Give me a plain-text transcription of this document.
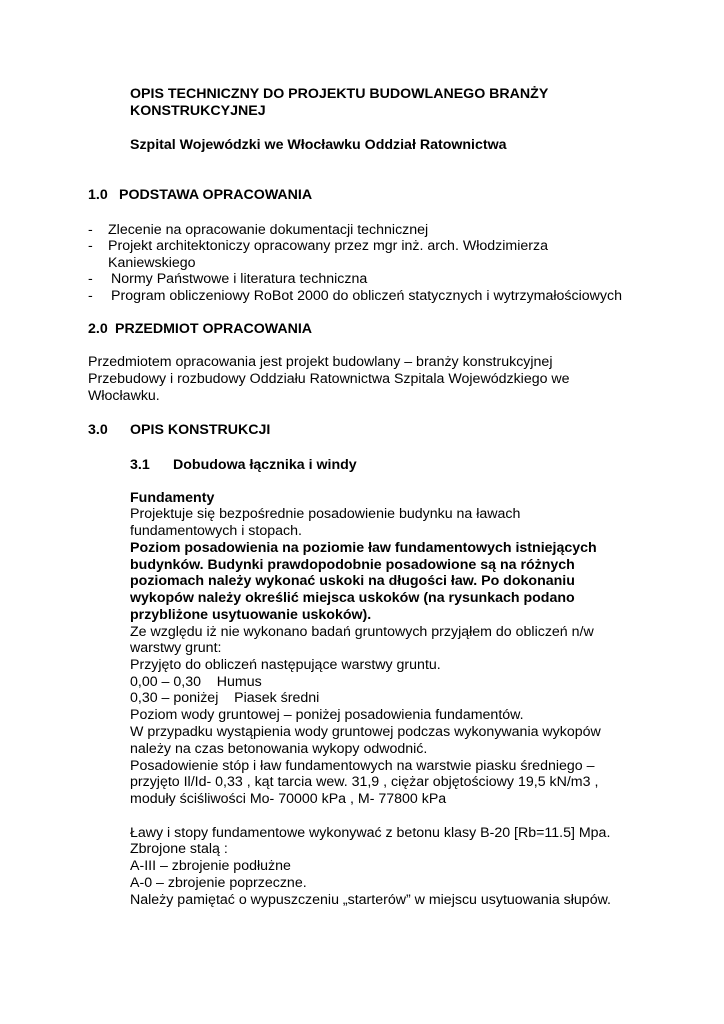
OPIS TECHNICZNY DO PROJEKTU BUDOWLANEGO BRANŻY
KONSTRUKCYJNEJ
Szpital Wojewódzki we Włocławku Oddział Ratownictwa
1.0 PODSTAWA OPRACOWANIA
- Zlecenie na opracowanie dokumentacji technicznej
- Projekt architektoniczy opracowany przez mgr inż. arch. Włodzimierza
Kaniewskiego
- Normy Państwowe i literatura techniczna
- Program obliczeniowy RoBot 2000 do obliczeń statycznych i wytrzymałościowych
2.0 PRZEDMIOT OPRACOWANIA
Przedmiotem opracowania jest projekt budowlany – branży konstrukcyjnej
Przebudowy i rozbudowy Oddziału Ratownictwa Szpitala Wojewódzkiego we
Włocławku.
3.0 OPIS KONSTRUKCJI
3.1 Dobudowa łącznika i windy
Fundamenty
Projektuje się bezpośrednie posadowienie budynku na ławach
fundamentowych i stopach.
Poziom posadowienia na poziomie ław fundamentowych istniejących
budynków. Budynki prawdopodobnie posadowione są na różnych
poziomach należy wykonać uskoki na długości ław. Po dokonaniu
wykopów należy określić miejsca uskoków (na rysunkach podano
przybliżone usytuowanie uskoków).
Ze względu iż nie wykonano badań gruntowych przyjąłem do obliczeń n/w
warstwy grunt:
Przyjęto do obliczeń następujące warstwy gruntu.
0,00 – 0,30    Humus
0,30 – poniżej    Piasek średni
Poziom wody gruntowej – poniżej posadowienia fundamentów.
W przypadku wystąpienia wody gruntowej podczas wykonywania wykopów
należy na czas betonowania wykopy odwodnić.
Posadowienie stóp i ław fundamentowych na warstwie piasku średniego –
przyjęto Il/Id- 0,33 , kąt tarcia wew. 31,9 , ciężar objętościowy 19,5 kN/m3 ,
moduły ściśliwości Mo- 70000 kPa , M- 77800 kPa
Ławy i stopy fundamentowe wykonywać z betonu klasy B-20 [Rb=11.5] Mpa.
Zbrojone stalą :
A-III – zbrojenie podłużne
A-0 – zbrojenie poprzeczne.
Należy pamiętać o wypuszczeniu „starterów” w miejscu usytuowania słupów.
